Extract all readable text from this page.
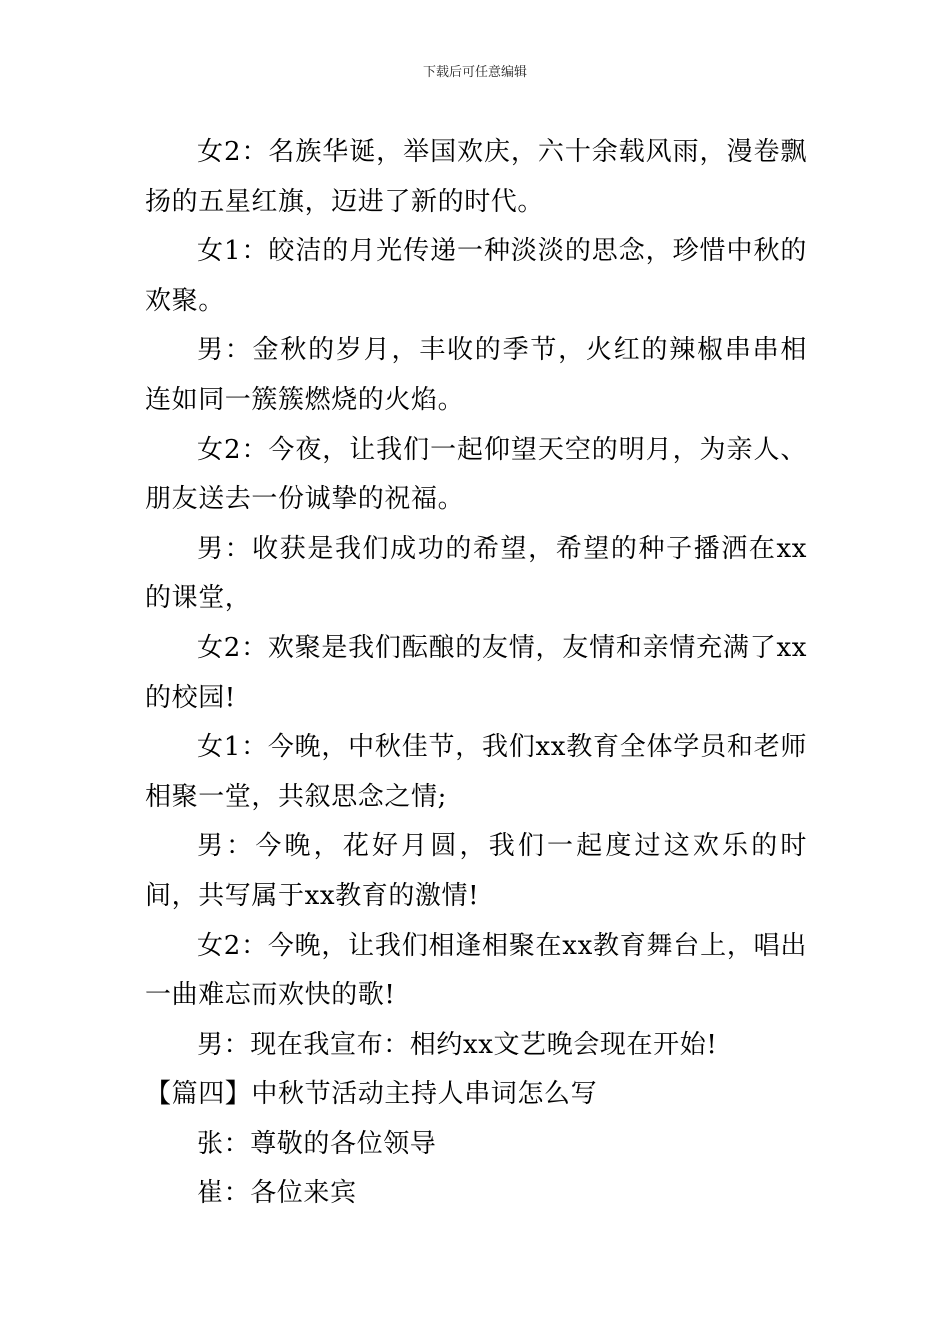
下载后可任意编辑

女2：名族华诞，举国欢庆，六十余载风雨，漫卷飘扬的五星红旗，迈进了新的时代。

女1：皎洁的月光传递一种淡淡的思念，珍惜中秋的欢聚。

男：金秋的岁月，丰收的季节，火红的辣椒串串相连如同一簇簇燃烧的火焰。

女2：今夜，让我们一起仰望天空的明月，为亲人、朋友送去一份诚挚的祝福。

男：收获是我们成功的希望，希望的种子播洒在xx的课堂，

女2：欢聚是我们酝酿的友情，友情和亲情充满了xx的校园!

女1：今晚，中秋佳节，我们xx教育全体学员和老师相聚一堂，共叙思念之情;

男：今晚，花好月圆，我们一起度过这欢乐的时间，共写属于xx教育的激情!

女2：今晚，让我们相逢相聚在xx教育舞台上，唱出一曲难忘而欢快的歌!

男：现在我宣布：相约xx文艺晚会现在开始!

【篇四】中秋节活动主持人串词怎么写

张：尊敬的各位领导

崔：各位来宾
